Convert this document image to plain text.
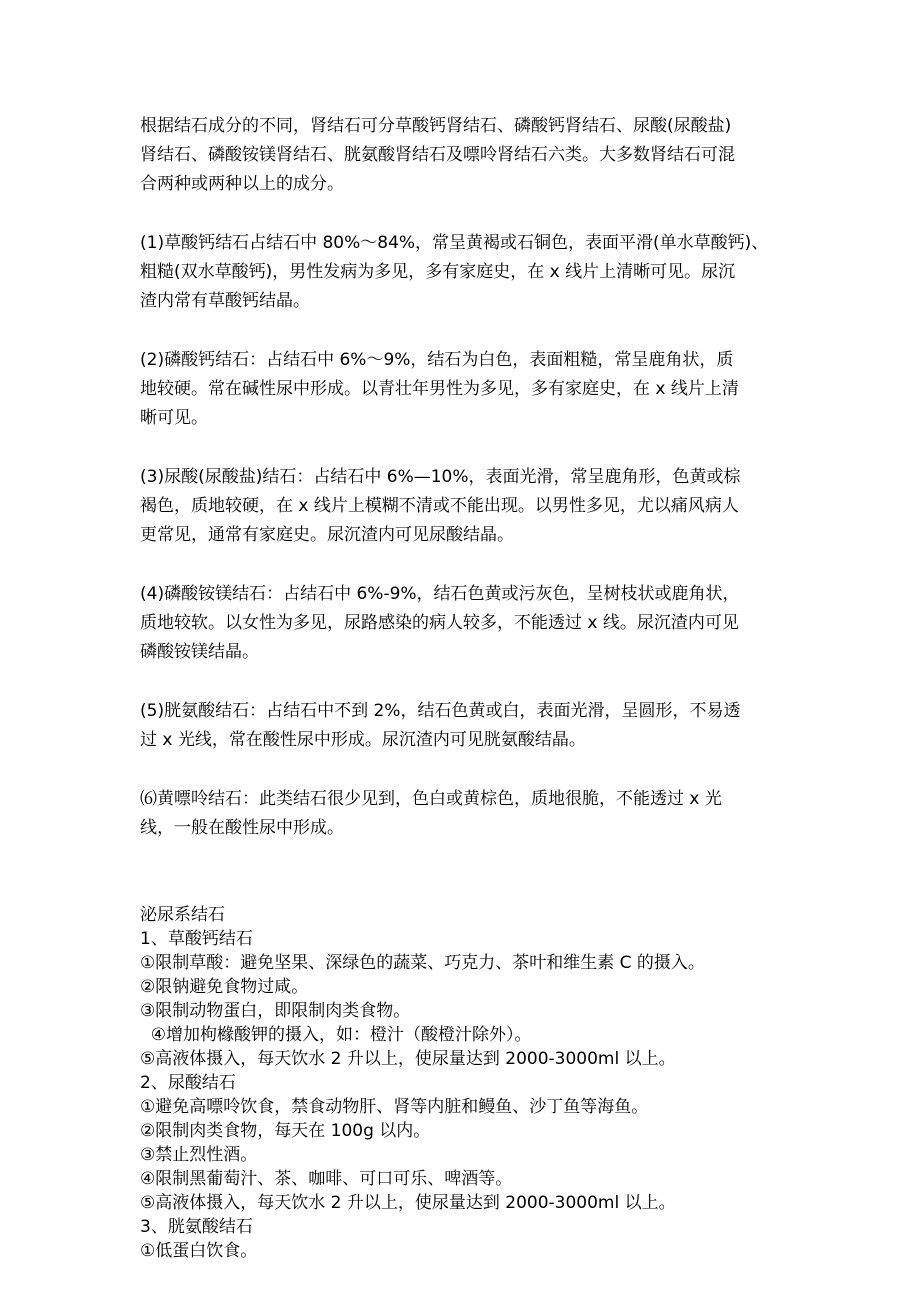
根据结石成分的不同，肾结石可分草酸钙肾结石、磷酸钙肾结石、尿酸(尿酸盐)
肾结石、磷酸铵镁肾结石、胱氨酸肾结石及嘌呤肾结石六类。大多数肾结石可混
合两种或两种以上的成分。

(1)草酸钙结石占结石中 80%～84%，常呈黄褐或石铜色，表面平滑(单水草酸钙)、
粗糙(双水草酸钙)，男性发病为多见，多有家庭史，在 x 线片上清晰可见。尿沉
渣内常有草酸钙结晶。

(2)磷酸钙结石：占结石中 6%～9%，结石为白色，表面粗糙，常呈鹿角状，质
地较硬。常在碱性尿中形成。以青壮年男性为多见，多有家庭史，在 x 线片上清
晰可见。

(3)尿酸(尿酸盐)结石：占结石中 6%—10%，表面光滑，常呈鹿角形，色黄或棕
褐色，质地较硬，在 x 线片上模糊不清或不能出现。以男性多见，尤以痛风病人
更常见，通常有家庭史。尿沉渣内可见尿酸结晶。

(4)磷酸铵镁结石：占结石中 6%-9%，结石色黄或污灰色，呈树枝状或鹿角状，
质地较软。以女性为多见，尿路感染的病人较多，不能透过 x 线。尿沉渣内可见
磷酸铵镁结晶。

(5)胱氨酸结石：占结石中不到 2%，结石色黄或白，表面光滑，呈圆形，不易透
过 x 光线，常在酸性尿中形成。尿沉渣内可见胱氨酸结晶。

⑹黄嘌呤结石：此类结石很少见到，色白或黄棕色，质地很脆，不能透过 x 光
线，一般在酸性尿中形成。

泌尿系结石
1、草酸钙结石
①限制草酸：避免坚果、深绿色的蔬菜、巧克力、茶叶和维生素 C 的摄入。
②限钠避免食物过咸。
③限制动物蛋白，即限制肉类食物。
④增加枸橼酸钾的摄入，如：橙汁（酸橙汁除外）。
⑤高液体摄入，每天饮水 2 升以上，使尿量达到 2000-3000ml 以上。
2、尿酸结石
①避免高嘌呤饮食，禁食动物肝、肾等内脏和鳗鱼、沙丁鱼等海鱼。
②限制肉类食物，每天在 100g 以内。
③禁止烈性酒。
④限制黑葡萄汁、茶、咖啡、可口可乐、啤酒等。
⑤高液体摄入，每天饮水 2 升以上，使尿量达到 2000-3000ml 以上。
3、胱氨酸结石
①低蛋白饮食。
